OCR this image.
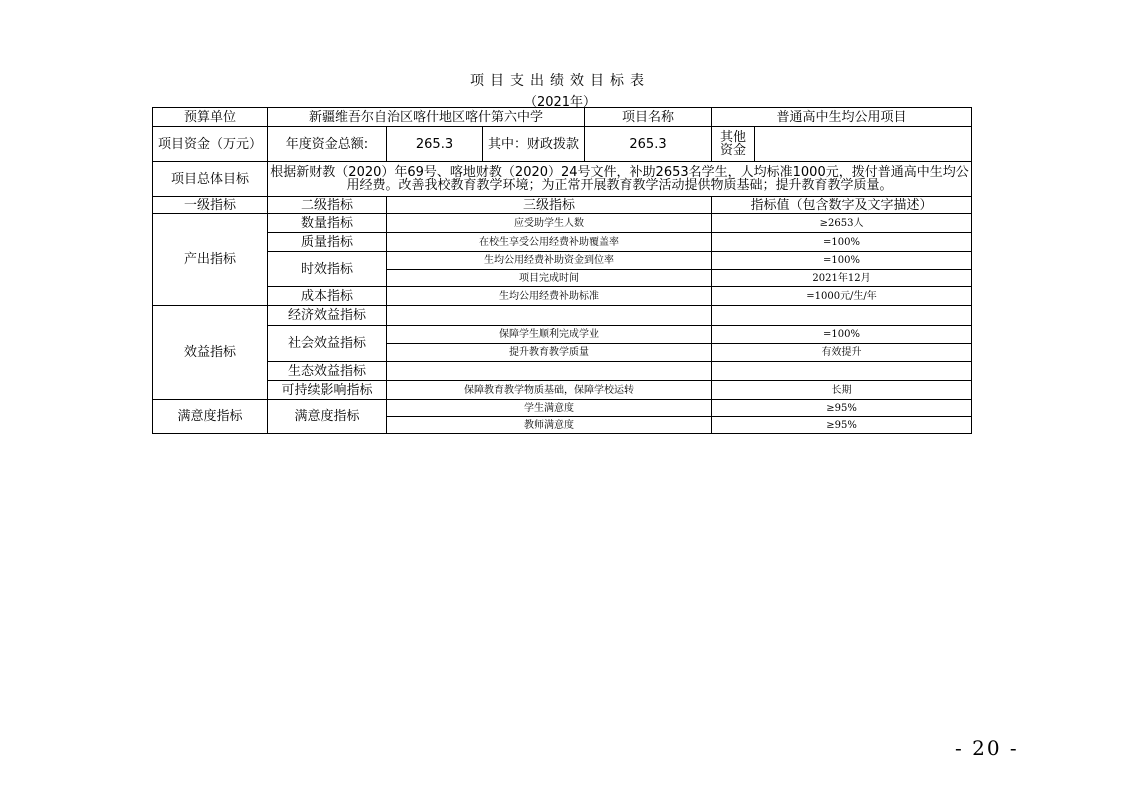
项目支出绩效目标表
（2021年）
预算单位	新疆维吾尔自治区喀什地区喀什第六中学			项目名称	普通高中生均公用项目	
项目资金（万元）	年度资金总额:	265.3	其中：财政拨款	265.3	其他资金	
项目总体目标	根据新财教（2020）年69号、喀地财教（2020）24号文件，补助2653名学生，人均标准1000元，拨付普通高中生均公用经费。改善我校教育教学环境；为正常开展教育教学活动提供物质基础；提升教育教学质量。					
一级指标	二级指标	三级指标			指标值（包含数字及文字描述）	
产出指标	数量指标	应受助学生人数			≥2653人	
	质量指标	在校生享受公用经费补助覆盖率			=100%	
	时效指标	生均公用经费补助资金到位率			=100%	
		项目完成时间			2021年12月	
	成本指标	生均公用经费补助标准			=1000元/生/年	
效益指标	经济效益指标					
	社会效益指标	保障学生顺利完成学业			=100%	
		提升教育教学质量			有效提升	
	生态效益指标					
	可持续影响指标	保障教育教学物质基础，保障学校运转			长期	
满意度指标	满意度指标	学生满意度			≥95%	
		教师满意度			≥95%	
- 20 -
